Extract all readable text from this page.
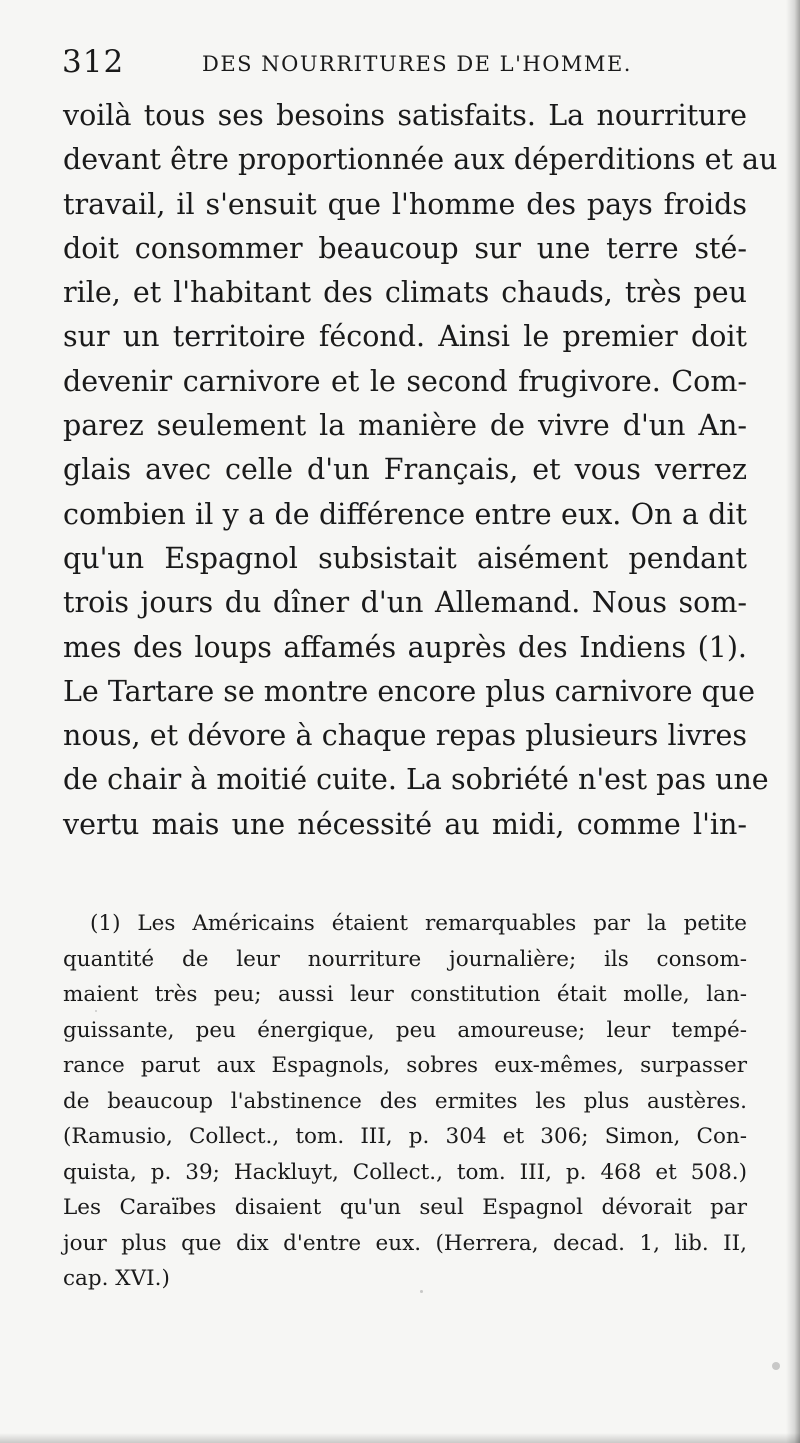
312	DES NOURRITURES DE L'HOMME.
voilà tous ses besoins satisfaits. La nourriture
devant être proportionnée aux déperditions et au
travail, il s'ensuit que l'homme des pays froids
doit consommer beaucoup sur une terre sté-
rile, et l'habitant des climats chauds, très peu
sur un territoire fécond. Ainsi le premier doit
devenir carnivore et le second frugivore. Com-
parez seulement la manière de vivre d'un An-
glais avec celle d'un Français, et vous verrez
combien il y a de différence entre eux. On a dit
qu'un Espagnol subsistait aisément pendant
trois jours du dîner d'un Allemand. Nous som-
mes des loups affamés auprès des Indiens (1).
Le Tartare se montre encore plus carnivore que
nous, et dévore à chaque repas plusieurs livres
de chair à moitié cuite. La sobriété n'est pas une
vertu mais une nécessité au midi, comme l'in-
(1) Les Américains étaient remarquables par la petite
quantité de leur nourriture journalière; ils consom-
maient très peu; aussi leur constitution était molle, lan-
guissante, peu énergique, peu amoureuse; leur tempé-
rance parut aux Espagnols, sobres eux-mêmes, surpasser
de beaucoup l'abstinence des ermites les plus austères.
(Ramusio, Collect., tom. III, p. 304 et 306; Simon, Con-
quista, p. 39; Hackluyt, Collect., tom. III, p. 468 et 508.)
Les Caraïbes disaient qu'un seul Espagnol dévorait par
jour plus que dix d'entre eux. (Herrera, decad. 1, lib. II,
cap. XVI.)
